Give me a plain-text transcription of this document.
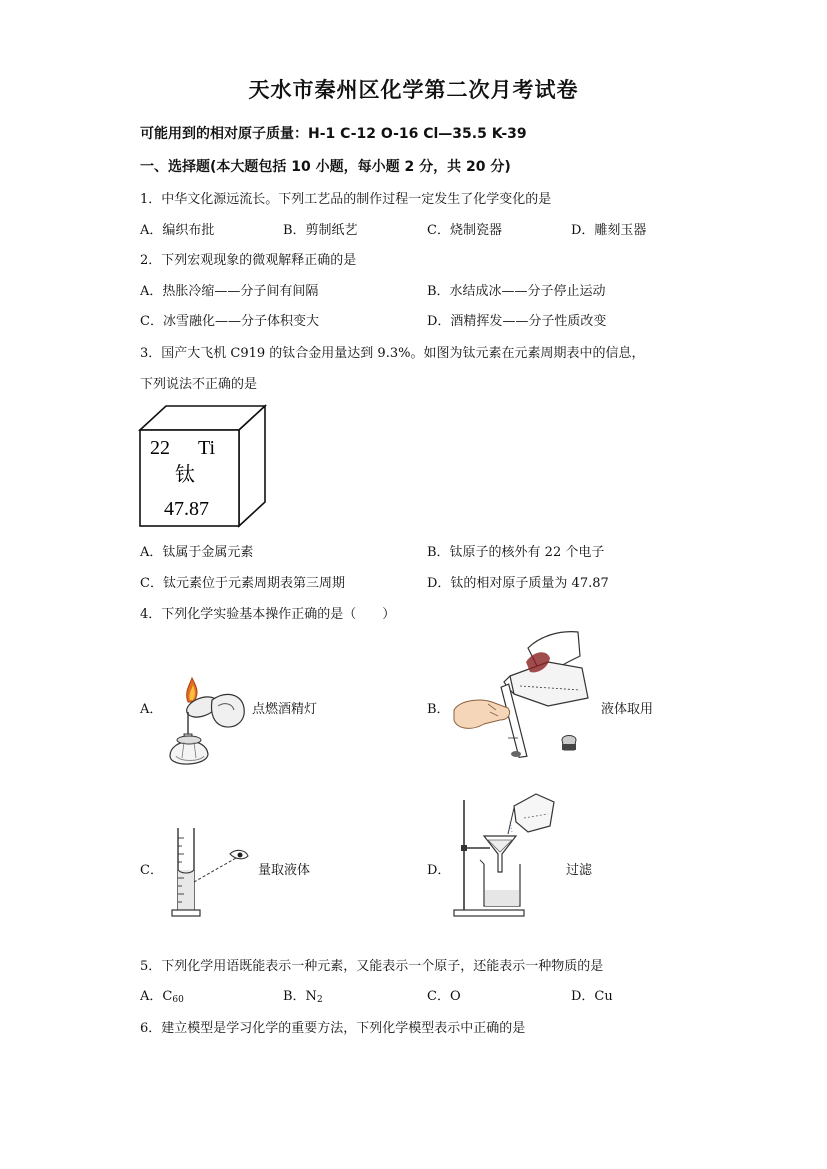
天水市秦州区化学第二次月考试卷
可能用到的相对原子质量：H-1 C-12 O-16 Cl—35.5 K-39
一、选择题(本大题包括 10 小题，每小题 2 分，共 20 分)
1．中华文化源远流长。下列工艺品的制作过程一定发生了化学变化的是
A．编织布批	B．剪制纸艺	C．烧制瓷器	D．雕刻玉器
2．下列宏观现象的微观解释正确的是
A．热胀冷缩——分子间有间隔	B．水结成冰——分子停止运动
C．冰雪融化——分子体积变大	D．酒精挥发——分子性质改变
3．国产大飞机 C919 的钛合金用量达到 9.3%。如图为钛元素在元素周期表中的信息，
下列说法不正确的是
22 Ti
钛
47.87
A．钛属于金属元素	B．钛原子的核外有 22 个电子
C．钛元素位于元素周期表第三周期	D．钛的相对原子质量为 47.87
4．下列化学实验基本操作正确的是（　　）
A．	点燃酒精灯	B．	液体取用
C．	量取液体	D．	过滤
5．下列化学用语既能表示一种元素，又能表示一个原子，还能表示一种物质的是
A．$C_{60}$	B．$N_2$	C．O	D．Cu
6．建立模型是学习化学的重要方法，下列化学模型表示中正确的是
